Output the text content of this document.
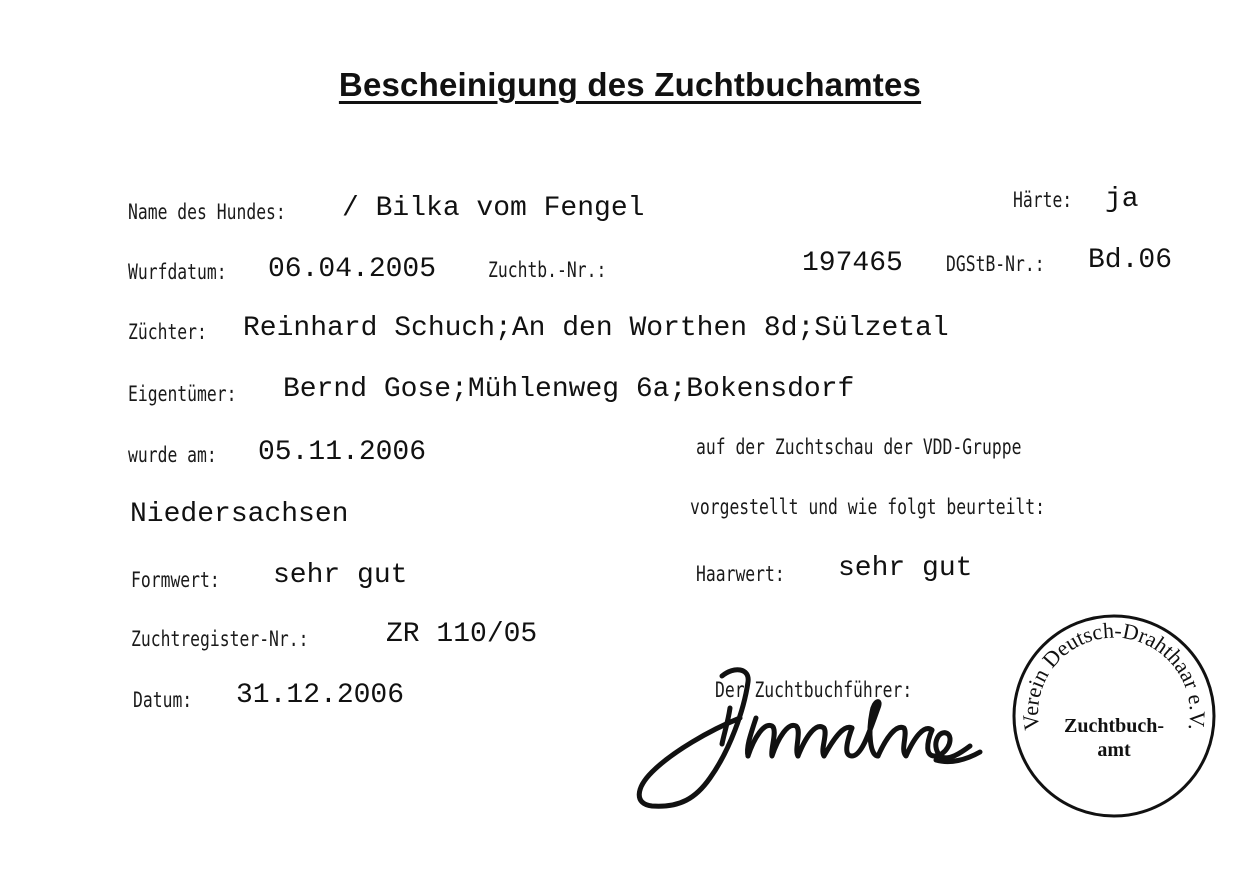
Bescheinigung des Zuchtbuchamtes
Name des Hundes: / Bilka vom Fengel	Härte: ja
Wurfdatum: 06.04.2005 Zuchtb.-Nr.:	197465 DGStB-Nr.: Bd.06
Züchter: Reinhard Schuch;An den Worthen 8d;Sülzetal
Eigentümer: Bernd Gose;Mühlenweg 6a;Bokensdorf
wurde am: 05.11.2006	auf der Zuchtschau der VDD-Gruppe
Niedersachsen	vorgestellt und wie folgt beurteilt:
Formwert: sehr gut	Haarwert: sehr gut
Zuchtregister-Nr.:	ZR 110/05
Datum: 31.12.2006	Der Zuchtbuchführer:
Verein Deutsch-Drahthaar e.V.
Zuchtbuch-
amt
